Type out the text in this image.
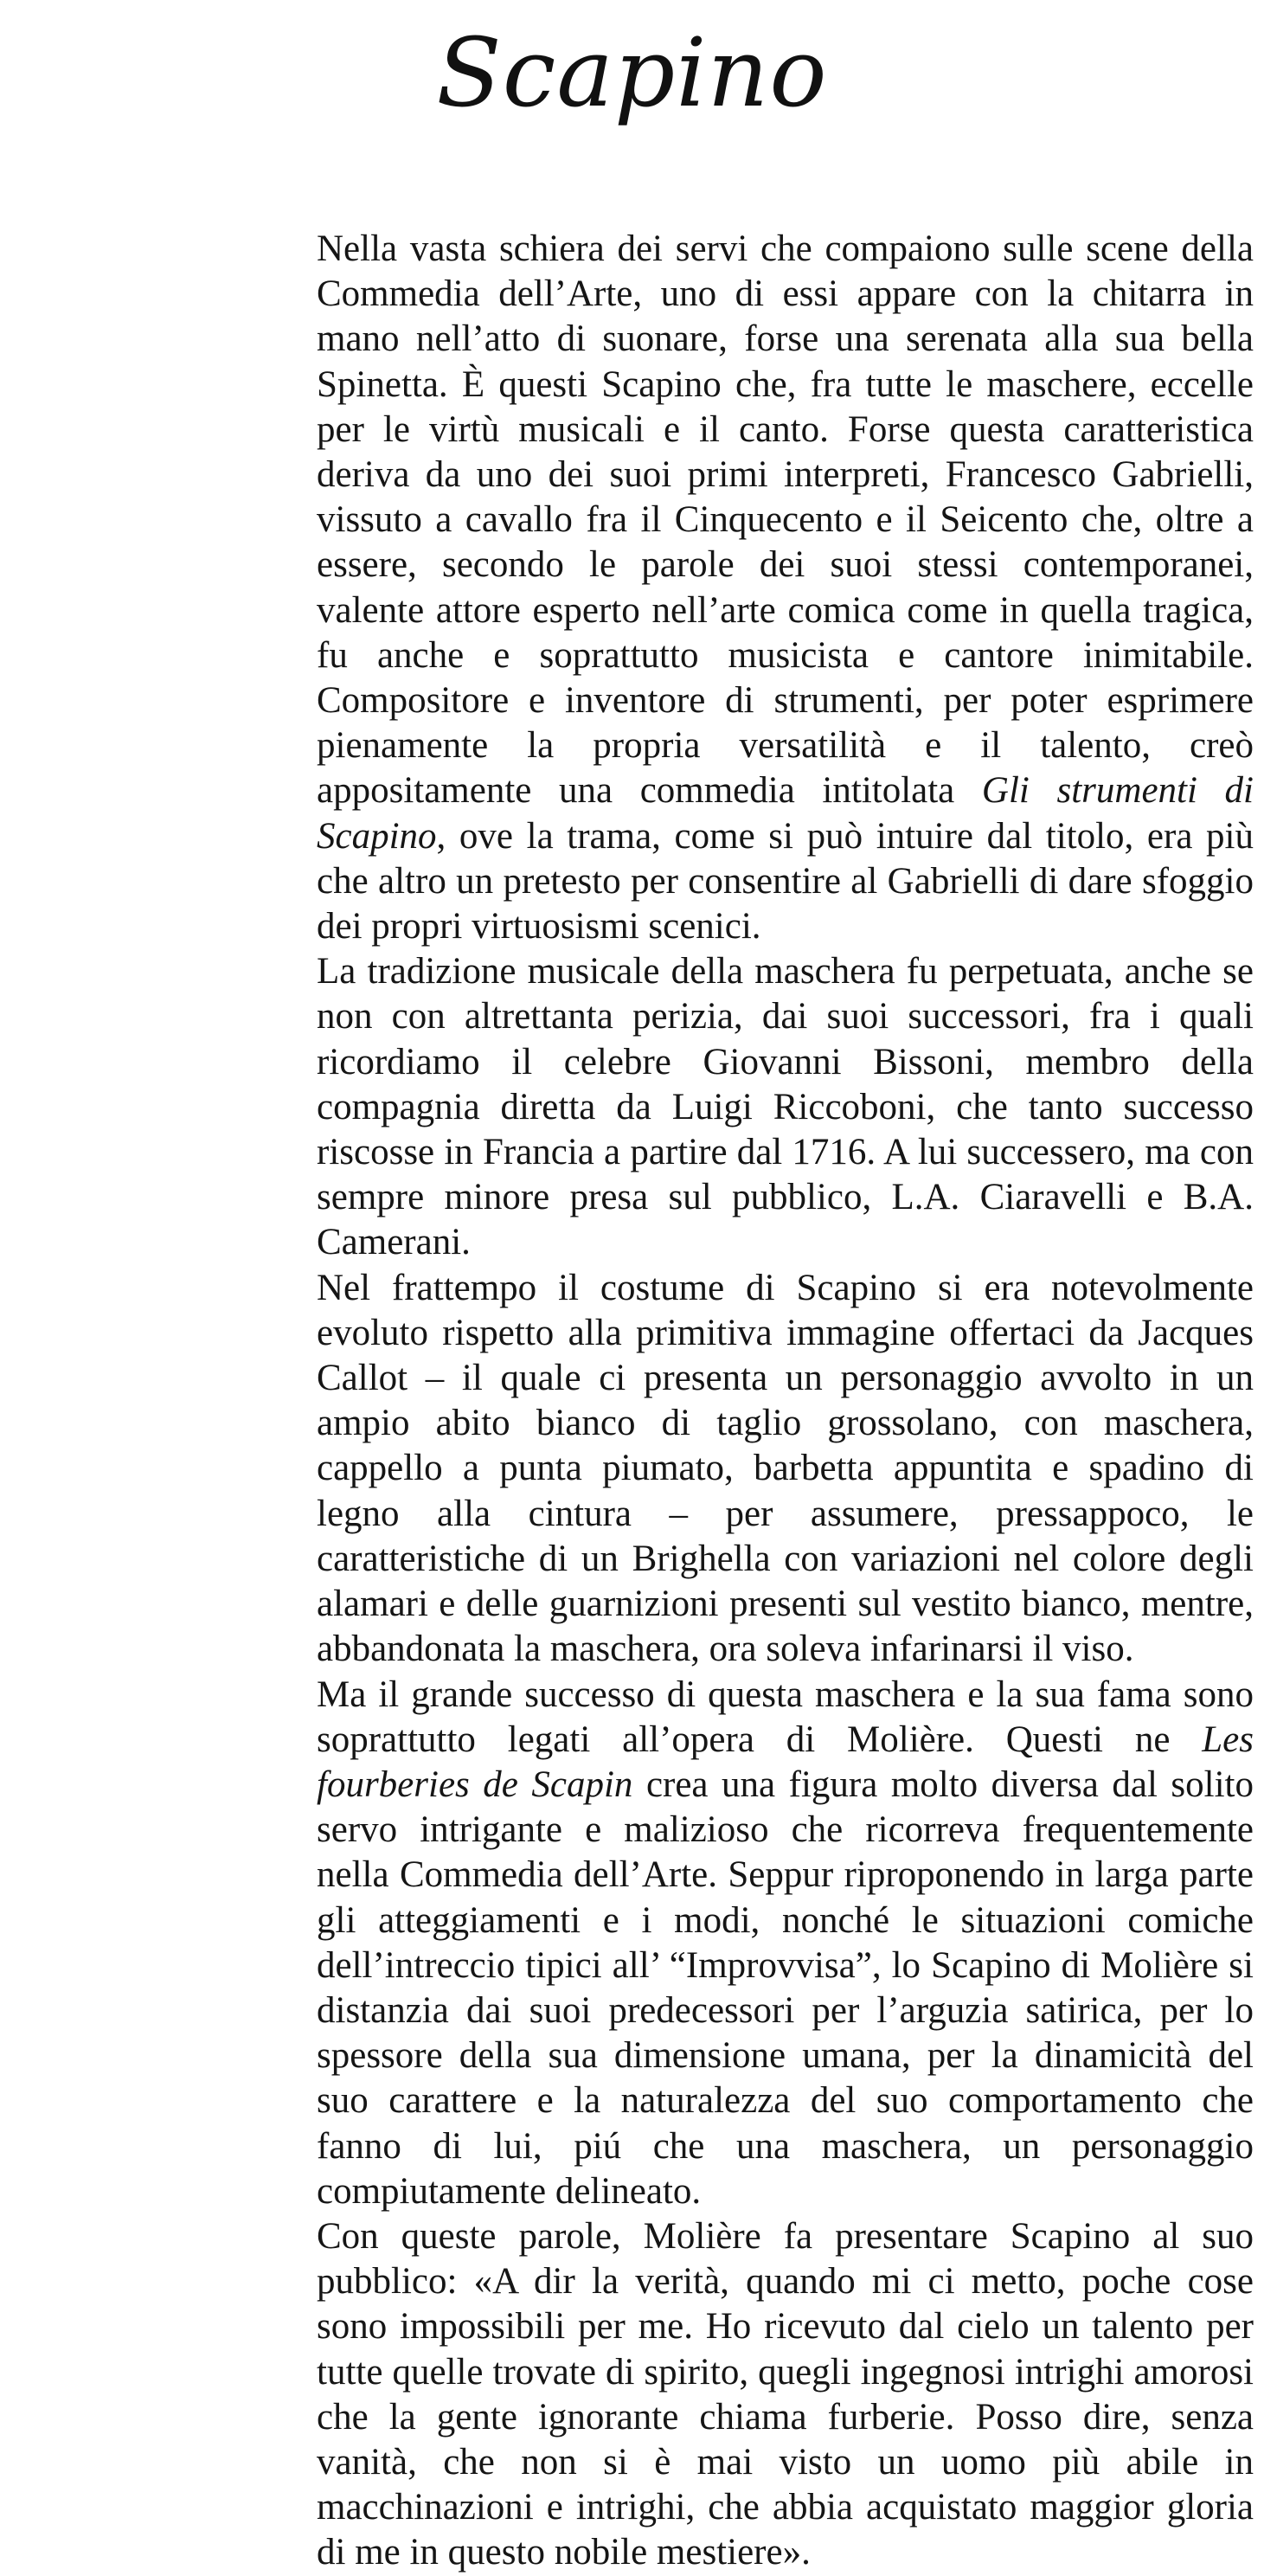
Scapino

Nella vasta schiera dei servi che compaiono sulle scene della Commedia dell’Arte, uno di essi appare con la chitarra in mano nell’atto di suonare, forse una serenata alla sua bella Spinetta. È questi Scapino che, fra tutte le maschere, eccelle per le virtù musicali e il canto. Forse questa caratteristica deriva da uno dei suoi primi interpreti, Francesco Gabrielli, vissuto a cavallo fra il Cinquecento e il Seicento che, oltre a essere, secondo le parole dei suoi stessi contemporanei, valente attore esperto nell’arte comica come in quella tragica, fu anche e soprattutto musicista e cantore inimitabile. Compositore e inventore di strumenti, per poter esprimere pienamente la propria versatilità e il talento, creò appositamente una commedia intitolata Gli strumenti di Scapino, ove la trama, come si può intuire dal titolo, era più che altro un pretesto per consentire al Gabrielli di dare sfoggio dei propri virtuosismi scenici.

La tradizione musicale della maschera fu perpetuata, anche se non con altrettanta perizia, dai suoi successori, fra i quali ricordiamo il celebre Giovanni Bissoni, membro della compagnia diretta da Luigi Riccoboni, che tanto successo riscosse in Francia a partire dal 1716. A lui successero, ma con sempre minore presa sul pubblico, L.A. Ciaravelli e B.A. Camerani.

Nel frattempo il costume di Scapino si era notevolmente evoluto rispetto alla primitiva immagine offertaci da Jacques Callot – il quale ci presenta un personaggio avvolto in un ampio abito bianco di taglio grossolano, con maschera, cappello a punta piumato, barbetta appuntita e spadino di legno alla cintura – per assumere, pressappoco, le caratteristiche di un Brighella con variazioni nel colore degli alamari e delle guarnizioni presenti sul vestito bianco, mentre, abbandonata la maschera, ora soleva infarinarsi il viso.

Ma il grande successo di questa maschera e la sua fama sono soprattutto legati all’opera di Molière. Questi ne Les fourberies de Scapin crea una figura molto diversa dal solito servo intrigante e malizioso che ricorreva frequentemente nella Commedia dell’Arte. Seppur riproponendo in larga parte gli atteggiamenti e i modi, nonché le situazioni comiche dell’intreccio tipici all’ “Improvvisa”, lo Scapino di Molière si distanzia dai suoi predecessori per l’arguzia satirica, per lo spessore della sua dimensione umana, per la dinamicità del suo carattere e la naturalezza del suo comportamento che fanno di lui, piú che una maschera, un personaggio compiutamente delineato.

Con queste parole, Molière fa presentare Scapino al suo pubblico: «A dir la verità, quando mi ci metto, poche cose sono impossibili per me. Ho ricevuto dal cielo un talento per tutte quelle trovate di spirito, quegli ingegnosi intrighi amorosi che la gente ignorante chiama furberie. Posso dire, senza vanità, che non si è mai visto un uomo più abile in macchinazioni e intrighi, che abbia acquistato maggior gloria di me in questo nobile mestiere».
